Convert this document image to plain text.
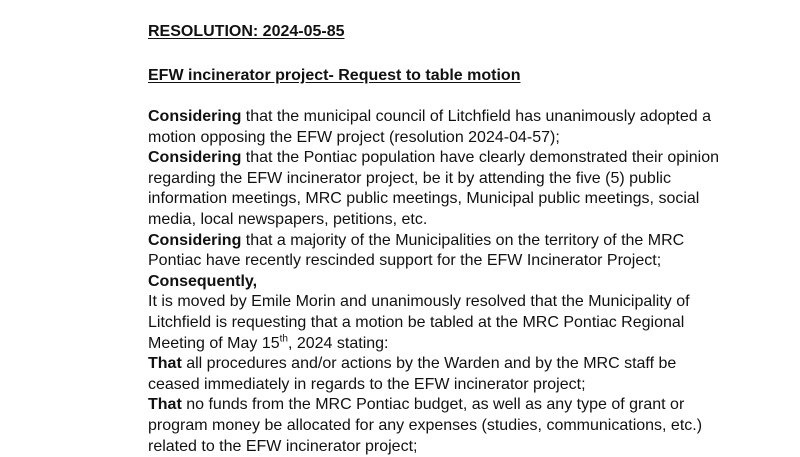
RESOLUTION: 2024-05-85
EFW incinerator project- Request to table motion
Considering that the municipal council of Litchfield has unanimously adopted a
motion opposing the EFW project (resolution 2024-04-57);
Considering that the Pontiac population have clearly demonstrated their opinion
regarding the EFW incinerator project, be it by attending the five (5) public
information meetings, MRC public meetings, Municipal public meetings, social
media, local newspapers, petitions, etc.
Considering that a majority of the Municipalities on the territory of the MRC
Pontiac have recently rescinded support for the EFW Incinerator Project;
Consequently,
It is moved by Emile Morin and unanimously resolved that the Municipality of
Litchfield is requesting that a motion be tabled at the MRC Pontiac Regional
Meeting of May 15th, 2024 stating:
That all procedures and/or actions by the Warden and by the MRC staff be
ceased immediately in regards to the EFW incinerator project;
That no funds from the MRC Pontiac budget, as well as any type of grant or
program money be allocated for any expenses (studies, communications, etc.)
related to the EFW incinerator project;
